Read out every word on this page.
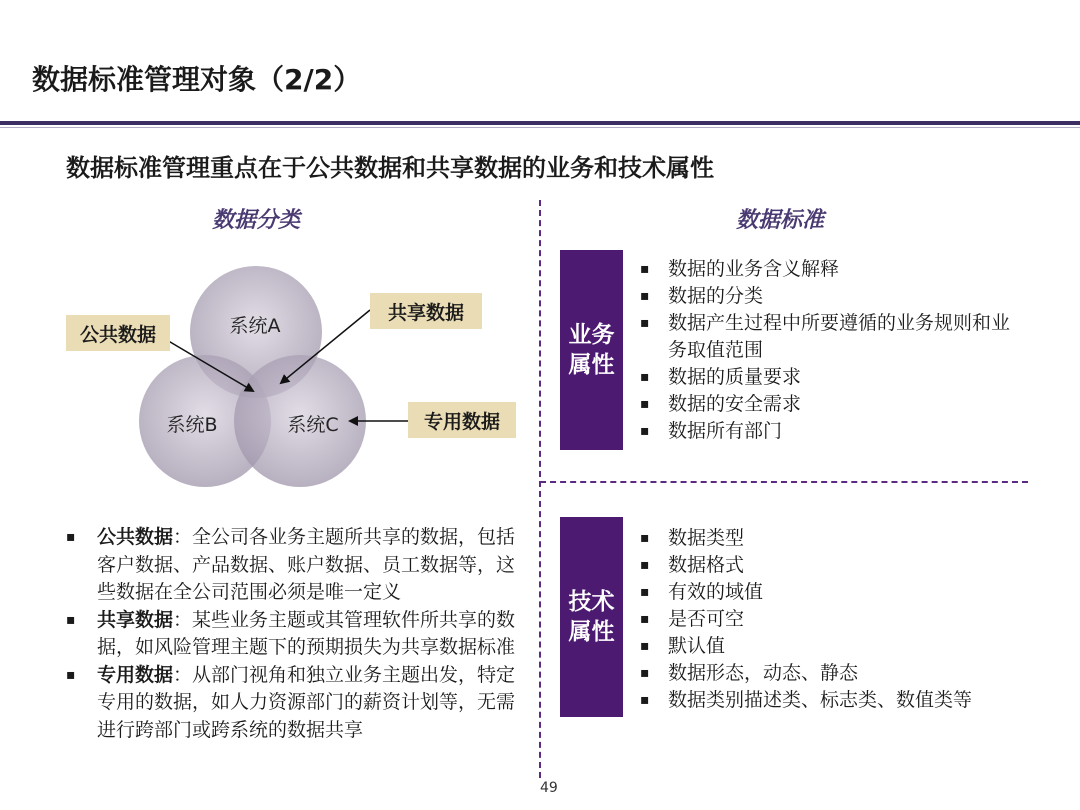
数据标准管理对象（2/2）
数据标准管理重点在于公共数据和共享数据的业务和技术属性
数据分类	数据标准
系统A
系统B	系统C
公共数据
共享数据
专用数据
▪ 公共数据：全公司各业务主题所共享的数据，包括客户数据、产品数据、账户数据、员工数据等，这些数据在全公司范围必须是唯一定义
▪ 共享数据：某些业务主题或其管理软件所共享的数据，如风险管理主题下的预期损失为共享数据标准
▪ 专用数据：从部门视角和独立业务主题出发，特定专用的数据，如人力资源部门的薪资计划等，无需进行跨部门或跨系统的数据共享
业务
属性
▪ 数据的业务含义解释
▪ 数据的分类
▪ 数据产生过程中所要遵循的业务规则和业务取值范围
▪ 数据的质量要求
▪ 数据的安全需求
▪ 数据所有部门
技术
属性
▪ 数据类型
▪ 数据格式
▪ 有效的域值
▪ 是否可空
▪ 默认值
▪ 数据形态，动态、静态
▪ 数据类别描述类、标志类、数值类等
49
